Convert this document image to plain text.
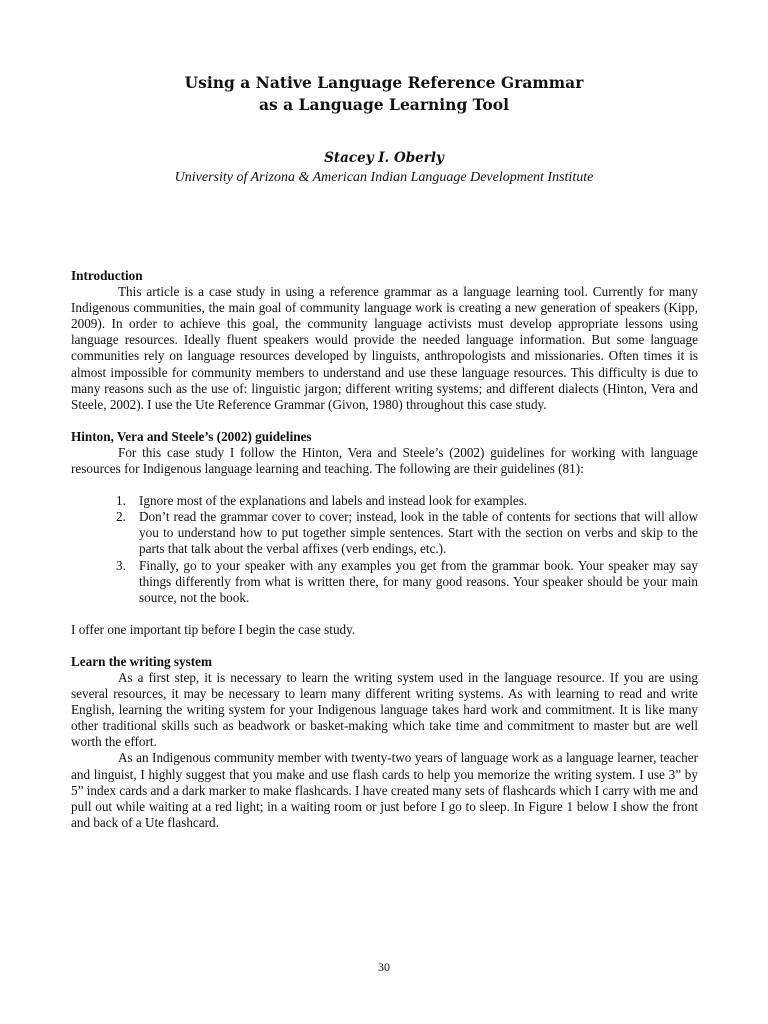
Using a Native Language Reference Grammar
as a Language Learning Tool
Stacey I. Oberly
University of Arizona & American Indian Language Development Institute

Introduction

This article is a case study in using a reference grammar as a language learning tool. Currently for many Indigenous communities, the main goal of community language work is creating a new generation of speakers (Kipp, 2009). In order to achieve this goal, the community language activists must develop appropriate lessons using language resources. Ideally fluent speakers would provide the needed language information. But some language communities rely on language resources developed by linguists, anthropologists and missionaries. Often times it is almost impossible for community members to understand and use these language resources. This difficulty is due to many reasons such as the use of: linguistic jargon; different writing systems; and different dialects (Hinton, Vera and Steele, 2002). I use the Ute Reference Grammar (Givon, 1980) throughout this case study.

Hinton, Vera and Steele’s (2002) guidelines

For this case study I follow the Hinton, Vera and Steele’s (2002) guidelines for working with language resources for Indigenous language learning and teaching. The following are their guidelines (81):

1. Ignore most of the explanations and labels and instead look for examples.
2. Don’t read the grammar cover to cover; instead, look in the table of contents for sections that will allow you to understand how to put together simple sentences. Start with the section on verbs and skip to the parts that talk about the verbal affixes (verb endings, etc.).
3. Finally, go to your speaker with any examples you get from the grammar book. Your speaker may say things differently from what is written there, for many good reasons. Your speaker should be your main source, not the book.

I offer one important tip before I begin the case study.

Learn the writing system

As a first step, it is necessary to learn the writing system used in the language resource. If you are using several resources, it may be necessary to learn many different writing systems. As with learning to read and write English, learning the writing system for your Indigenous language takes hard work and commitment. It is like many other traditional skills such as beadwork or basket-making which take time and commitment to master but are well worth the effort.

As an Indigenous community member with twenty-two years of language work as a language learner, teacher and linguist, I highly suggest that you make and use flash cards to help you memorize the writing system. I use 3” by 5” index cards and a dark marker to make flashcards. I have created many sets of flashcards which I carry with me and pull out while waiting at a red light; in a waiting room or just before I go to sleep. In Figure 1 below I show the front and back of a Ute flashcard.

30
